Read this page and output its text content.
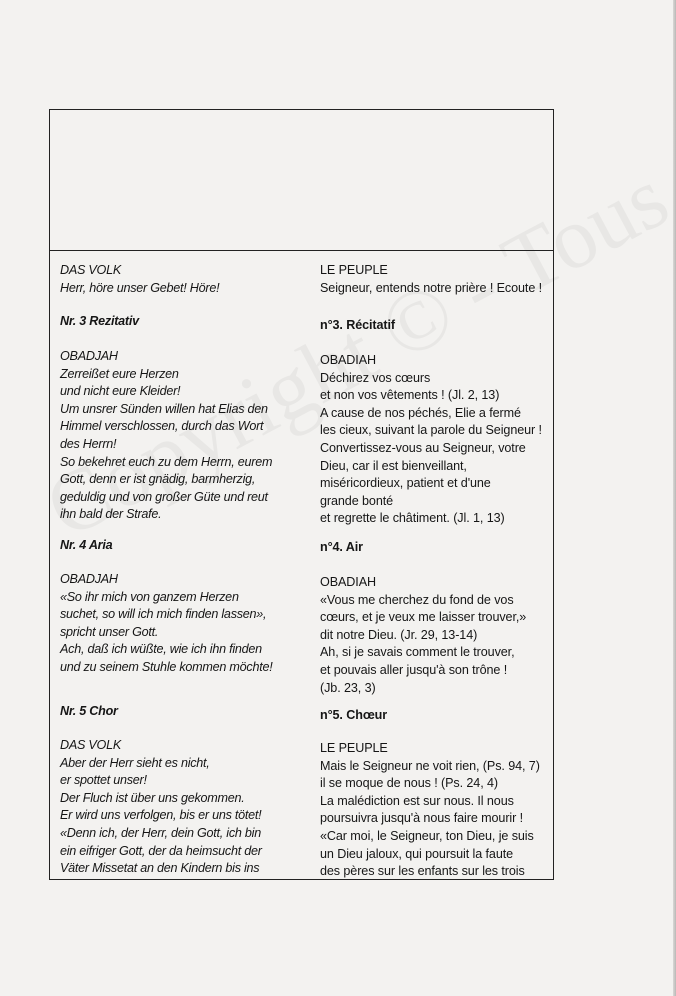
DAS VOLK
Herr, höre unser Gebet! Höre!
Nr. 3 Rezitativ
OBADJAH
Zerreißet eure Herzen
und nicht eure Kleider!
Um unsrer Sünden willen hat Elias den
Himmel verschlossen, durch das Wort
des Herrn!
So bekehret euch zu dem Herrn, eurem
Gott, denn er ist gnädig, barmherzig,
geduldig und von großer Güte und reut
ihn bald der Strafe.
Nr. 4 Aria
OBADJAH
«So ihr mich von ganzem Herzen
suchet, so will ich mich finden lassen»,
spricht unser Gott.
Ach, daß ich wüßte, wie ich ihn finden
und zu seinem Stuhle kommen möchte!
Nr. 5 Chor
DAS VOLK
Aber der Herr sieht es nicht,
er spottet unser!
Der Fluch ist über uns gekommen.
Er wird uns verfolgen, bis er uns tötet!
«Denn ich, der Herr, dein Gott, ich bin
ein eifriger Gott, der da heimsucht der
Väter Missetat an den Kindern bis ins
LE PEUPLE
Seigneur, entends notre prière ! Ecoute !
n°3. Récitatif
OBADIAH
Déchirez vos cœurs
et non vos vêtements ! (Jl. 2, 13)
A cause de nos péchés, Elie a fermé
les cieux, suivant la parole du Seigneur !
Convertissez-vous au Seigneur, votre
Dieu, car il est bienveillant,
miséricordieux, patient et d'une
grande bonté
et regrette le châtiment. (Jl. 1, 13)
n°4. Air
OBADIAH
«Vous me cherchez du fond de vos
cœurs, et je veux me laisser trouver,»
dit notre Dieu. (Jr. 29, 13-14)
Ah, si je savais comment le trouver,
et pouvais aller jusqu'à son trône !
(Jb. 23, 3)
n°5. Chœur
LE PEUPLE
Mais le Seigneur ne voit rien, (Ps. 94, 7)
il se moque de nous ! (Ps. 24, 4)
La malédiction est sur nous. Il nous
poursuivra jusqu'à nous faire mourir !
«Car moi, le Seigneur, ton Dieu, je suis
un Dieu jaloux, qui poursuit la faute
des pères sur les enfants sur les trois
